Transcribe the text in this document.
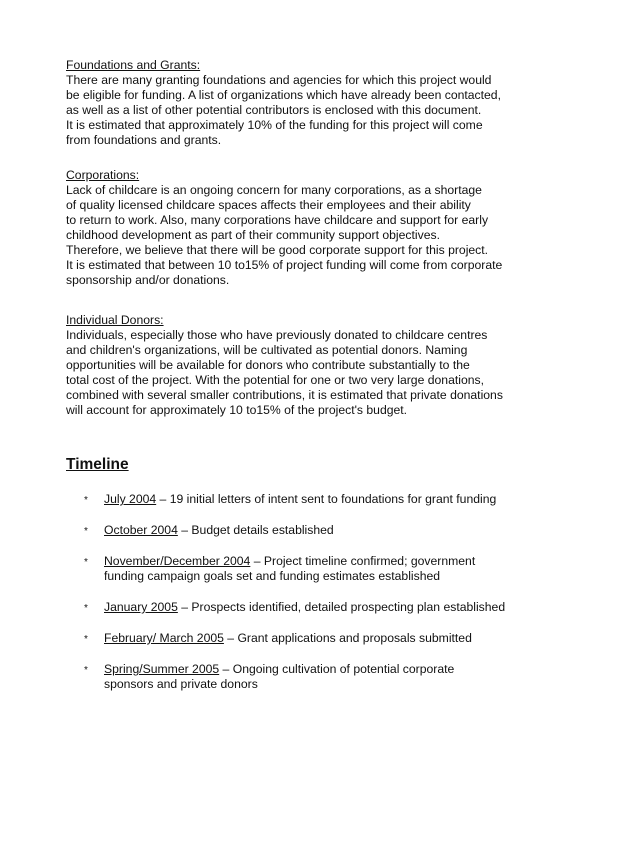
Foundations and Grants:
There are many granting foundations and agencies for which this project would
be eligible for funding. A list of organizations which have already been contacted,
as well as a list of other potential contributors is enclosed with this document.
It is estimated that approximately 10% of the funding for this project will come
from foundations and grants.
Corporations:
Lack of childcare is an ongoing concern for many corporations, as a shortage
of quality licensed childcare spaces affects their employees and their ability
to return to work. Also, many corporations have childcare and support for early
childhood development as part of their community support objectives.
Therefore, we believe that there will be good corporate support for this project.
It is estimated that between 10 to15% of project funding will come from corporate
sponsorship and/or donations.
Individual Donors:
Individuals, especially those who have previously donated to childcare centres
and children's organizations, will be cultivated as potential donors. Naming
opportunities will be available for donors who contribute substantially to the
total cost of the project. With the potential for one or two very large donations,
combined with several smaller contributions, it is estimated that private donations
will account for approximately 10 to15% of the project's budget.
Timeline
* July 2004 – 19 initial letters of intent sent to foundations for grant funding
* October 2004 – Budget details established
* November/December 2004 – Project timeline confirmed; government
funding campaign goals set and funding estimates established
* January 2005 – Prospects identified, detailed prospecting plan established
* February/ March 2005 – Grant applications and proposals submitted
* Spring/Summer 2005 – Ongoing cultivation of potential corporate
sponsors and private donors
